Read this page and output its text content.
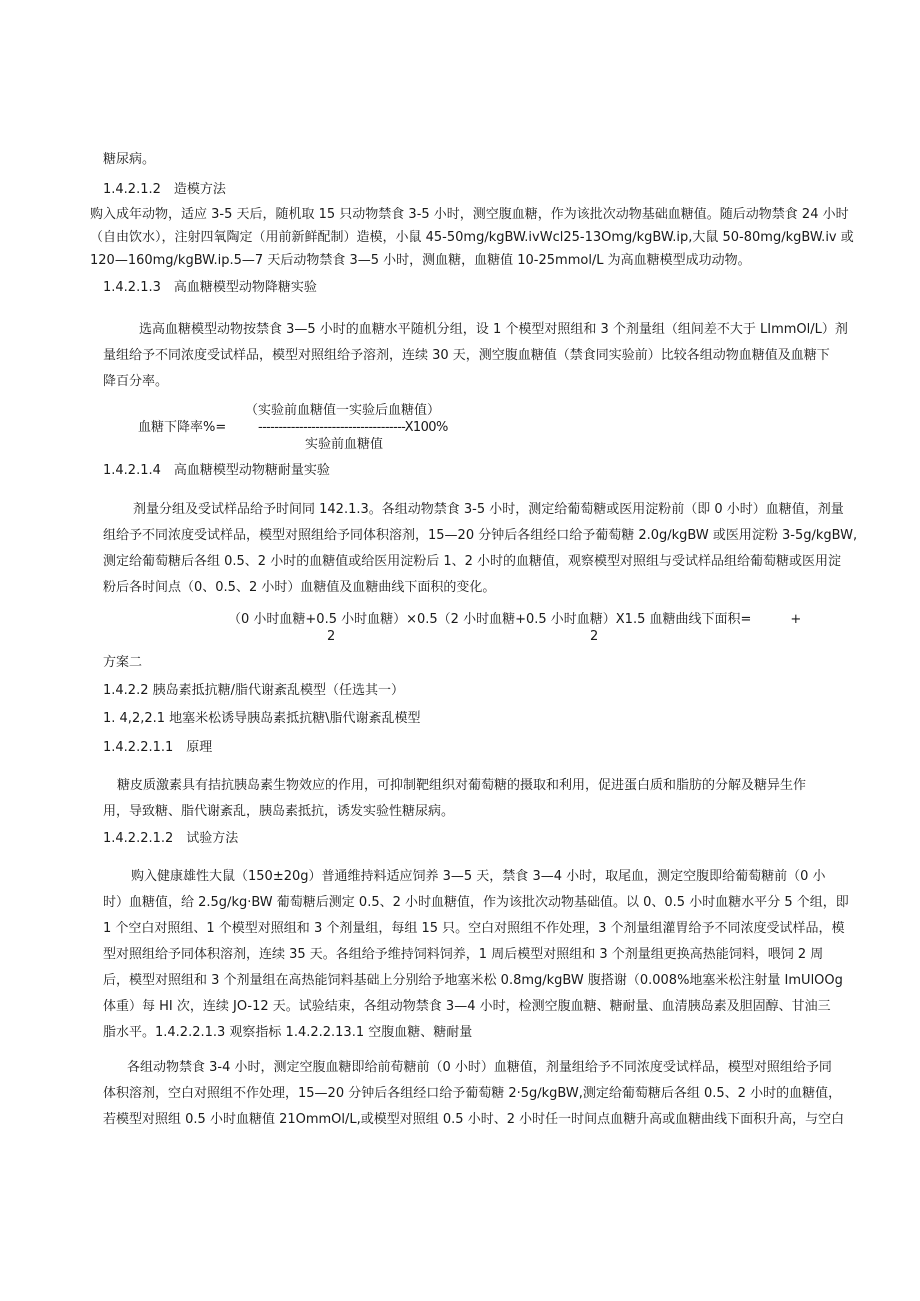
糖尿病。
1.4.2.1.2　造模方法
购入成年动物，适应 3-5 天后，随机取 15 只动物禁食 3-5 小时，测空腹血糖，作为该批次动物基础血糖值。随后动物禁食 24 小时
（自由饮水），注射四氧陶定（用前新鲜配制）造模，小鼠 45-50mg∕kgBW.ivWcl25-13Omg∕kgBW.ip,大鼠 50-80mg∕kgBW.iv 或
120—160mg∕kgBW.ip.5—7 天后动物禁食 3—5 小时，测血糖，血糖值 10-25mmol∕L 为高血糖模型成功动物。
1.4.2.1.3　高血糖模型动物降糖实验
选高血糖模型动物按禁食 3—5 小时的血糖水平随机分组，设 1 个模型对照组和 3 个剂量组（组间差不大于 LImmOl/L）剂
量组给予不同浓度受试样品，模型对照组给予溶剂，连续 30 天，测空腹血糖值（禁食同实验前）比较各组动物血糖值及血糖下
降百分率。
（实验前血糖值一实验后血糖值）
血糖下降率%= ------------------------------------X100%
实验前血糖值
1.4.2.1.4　高血糖模型动物糖耐量实验
剂量分组及受试样品给予时间同 142.1.3。各组动物禁食 3-5 小时，测定给葡萄糖或医用淀粉前（即 0 小时）血糖值，剂量
组给予不同浓度受试样品，模型对照组给予同体积溶剂，15—20 分钟后各组经口给予葡萄糖 2.0g∕kgBW 或医用淀粉 3-5g∕kgBW,
测定给葡萄糖后各组 0.5、2 小时的血糖值或给医用淀粉后 1、2 小时的血糖值，观察模型对照组与受试样品组给葡萄糖或医用淀
粉后各时间点（0、0.5、2 小时）血糖值及血糖曲线下面积的变化。
（0 小时血糖+0.5 小时血糖）×0.5（2 小时血糖+0.5 小时血糖）X1.5 血糖曲线下面积=　　　+
2	2
方案二
1.4.2.2 胰岛素抵抗糖/脂代谢紊乱模型（任选其一）
1. 4,2,2.1 地塞米松诱导胰岛素抵抗糖\脂代谢紊乱模型
1.4.2.2.1.1　原理
糖皮质激素具有拮抗胰岛素生物效应的作用，可抑制靶组织对葡萄糖的摄取和利用，促进蛋白质和脂肪的分解及糖异生作
用，导致糖、脂代谢紊乱，胰岛素抵抗，诱发实验性糖尿病。
1.4.2.2.1.2　试验方法
购入健康雄性大鼠（150±20g）普通维持料适应饲养 3—5 天，禁食 3—4 小时，取尾血，测定空腹即给葡萄糖前（0 小
时）血糖值，给 2.5g∕kg·BW 葡萄糖后测定 0.5、2 小时血糖值，作为该批次动物基础值。以 0、0.5 小时血糖水平分 5 个组，即
1 个空白对照组、1 个模型对照组和 3 个剂量组，每组 15 只。空白对照组不作处理，3 个剂量组灌胃给予不同浓度受试样品，模
型对照组给予同体积溶剂，连续 35 天。各组给予维持饲料饲养，1 周后模型对照组和 3 个剂量组更换高热能饲料，喂饲 2 周
后，模型对照组和 3 个剂量组在高热能饲料基础上分别给予地塞米松 0.8mg∕kgBW 腹搭谢（0.008%地塞米松注射量 ImUlOOg
体重）每 HI 次，连续 JO-12 天。试验结束，各组动物禁食 3—4 小时，检测空腹血糖、糖耐量、血清胰岛素及胆固醇、甘油三
脂水平。1.4.2.2.1.3 观察指标 1.4.2.2.13.1 空腹血糖、糖耐量
各组动物禁食 3-4 小时，测定空腹血糖即给前荀糖前（0 小时）血糖值，剂量组给予不同浓度受试样品，模型对照组给予同
体积溶剂，空白对照组不作处理，15—20 分钟后各组经口给予葡萄糖 2·5g∕kgBW,测定给葡萄糖后各组 0.5、2 小时的血糖值，
若模型对照组 0.5 小时血糖值 21OmmOl/L,或模型对照组 0.5 小时、2 小时任一时间点血糖升高或血糖曲线下面积升高，与空白
